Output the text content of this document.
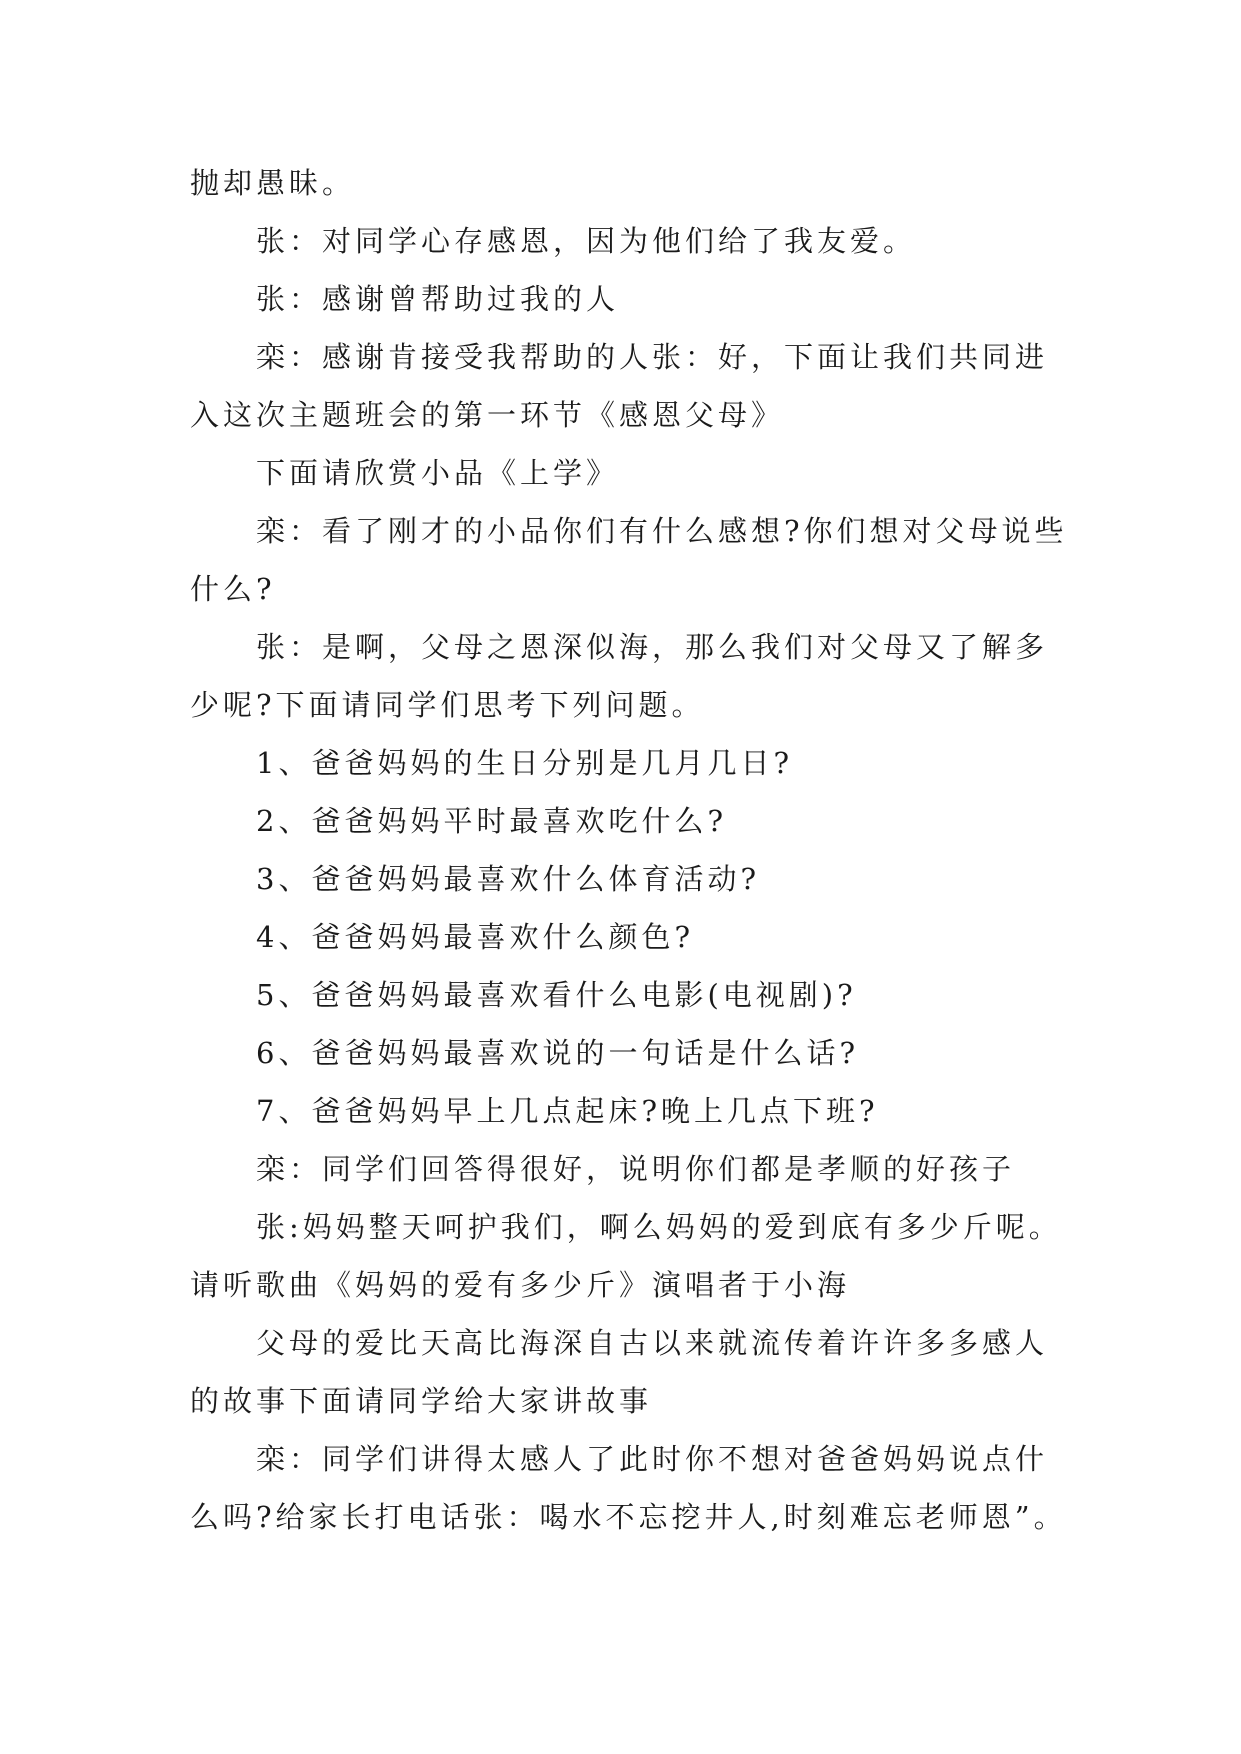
抛却愚昧。

张：对同学心存感恩，因为他们给了我友爱。

张：感谢曾帮助过我的人

栾：感谢肯接受我帮助的人张：好，下面让我们共同进入这次主题班会的第一环节《感恩父母》

下面请欣赏小品《上学》

栾：看了刚才的小品你们有什么感想?你们想对父母说些什么?

张：是啊，父母之恩深似海，那么我们对父母又了解多少呢?下面请同学们思考下列问题。

1、爸爸妈妈的生日分别是几月几日?

2、爸爸妈妈平时最喜欢吃什么?

3、爸爸妈妈最喜欢什么体育活动?

4、爸爸妈妈最喜欢什么颜色?

5、爸爸妈妈最喜欢看什么电影(电视剧)?

6、爸爸妈妈最喜欢说的一句话是什么话?

7、爸爸妈妈早上几点起床?晚上几点下班?

栾：同学们回答得很好，说明你们都是孝顺的好孩子

张:妈妈整天呵护我们，啊么妈妈的爱到底有多少斤呢。请听歌曲《妈妈的爱有多少斤》演唱者于小海

父母的爱比天高比海深自古以来就流传着许许多多感人的故事下面请同学给大家讲故事

栾：同学们讲得太感人了此时你不想对爸爸妈妈说点什么吗?给家长打电话张：喝水不忘挖井人,时刻难忘老师恩”。
